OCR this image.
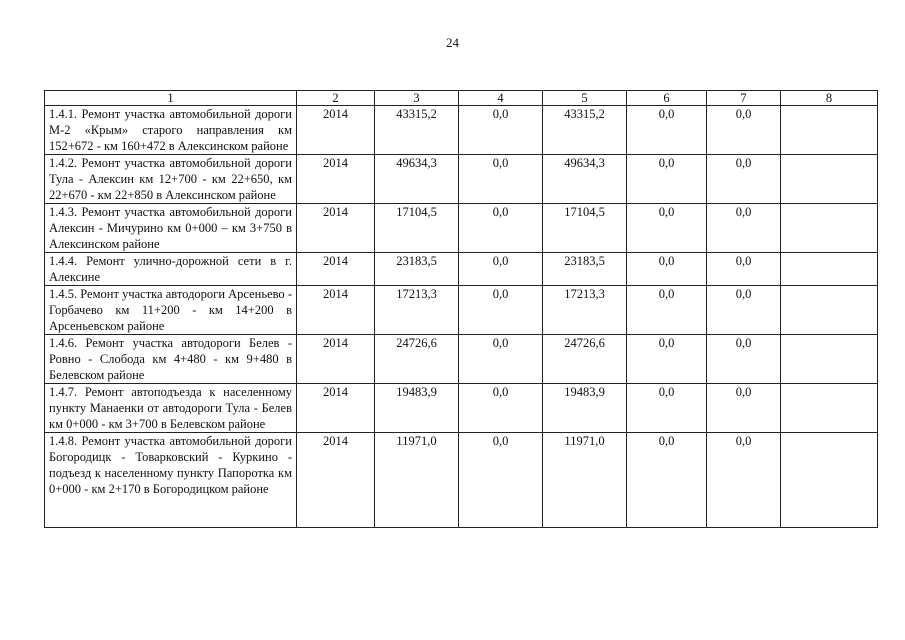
24
1	2	3	4	5	6	7	8
1.4.1. Ремонт участка автомобильной дороги М-2 «Крым» старого направления км 152+672 - км 160+472 в Алексинском районе	2014	43315,2	0,0	43315,2	0,0	0,0	
1.4.2. Ремонт участка автомобильной дороги Тула - Алексин км 12+700 - км 22+650, км 22+670 - км 22+850 в Алексинском районе	2014	49634,3	0,0	49634,3	0,0	0,0	
1.4.3. Ремонт участка автомобильной дороги Алексин - Мичурино км 0+000 – км 3+750 в Алексинском районе	2014	17104,5	0,0	17104,5	0,0	0,0	
1.4.4. Ремонт улично-дорожной сети в г. Алексине	2014	23183,5	0,0	23183,5	0,0	0,0	
1.4.5. Ремонт участка автодороги Арсеньево - Горбачево км 11+200 - км 14+200 в Арсеньевском районе	2014	17213,3	0,0	17213,3	0,0	0,0	
1.4.6. Ремонт участка автодороги Белев - Ровно - Слобода км 4+480 - км 9+480 в Белевском районе	2014	24726,6	0,0	24726,6	0,0	0,0	
1.4.7. Ремонт автоподъезда к населенному пункту Манаенки от автодороги Тула - Белев км 0+000 - км 3+700 в Белевском районе	2014	19483,9	0,0	19483,9	0,0	0,0	
1.4.8. Ремонт участка автомобильной дороги Богородицк - Товарковский - Куркино - подъезд к населенному пункту Папоротка км 0+000 - км 2+170 в Богородицком районе	2014	11971,0	0,0	11971,0	0,0	0,0	
